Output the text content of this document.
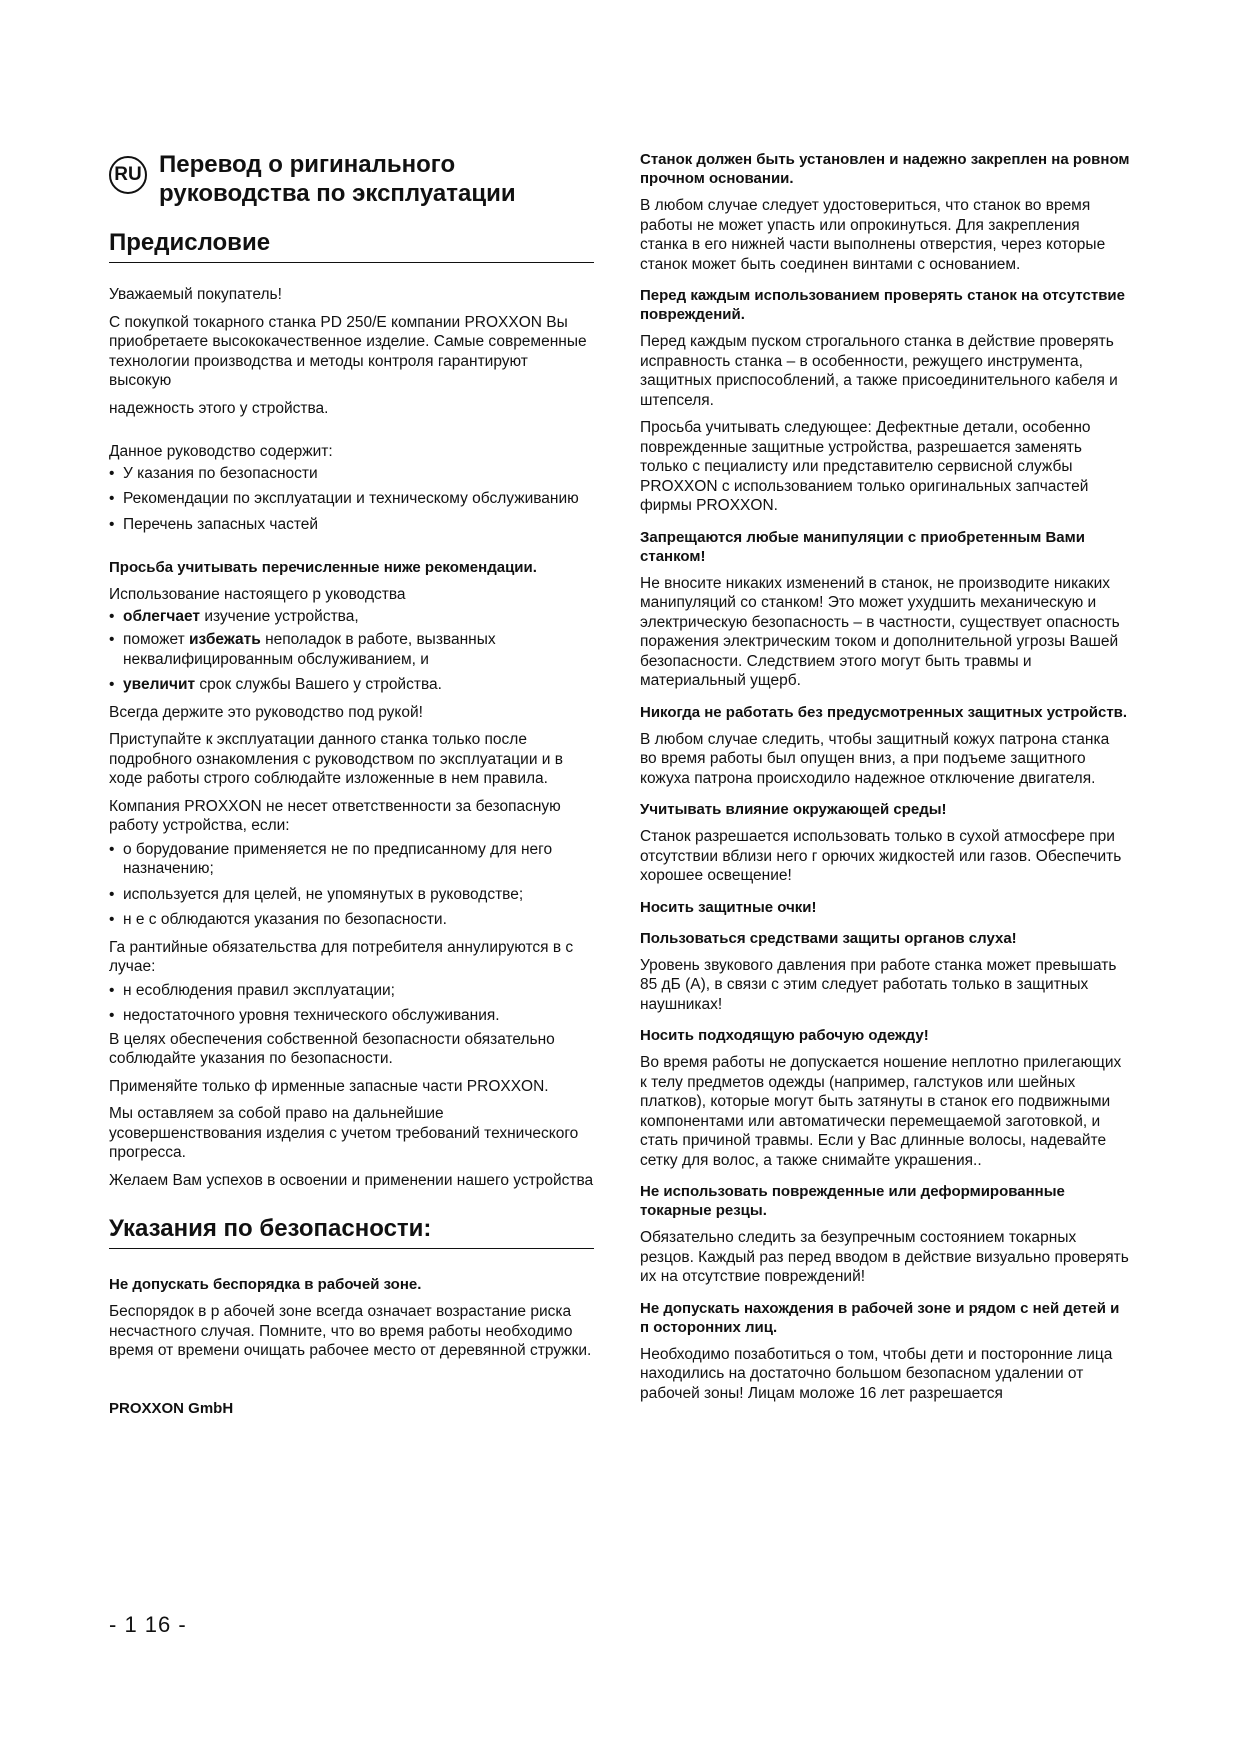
RU Перевод о ригинального
руководства по эксплуатации
Предисловие

Уважаемый покупатель!

С покупкой токарного станка PD 250/E компании PROXXON Вы приобретаете высококачественное изделие. Самые современные технологии производства и методы контроля гарантируют высокую

надежность этого у стройства.

Данное руководство содержит:

• У казания по безопасности
• Рекомендации по эксплуатации и техническому обслуживанию
• Перечень запасных частей

Просьба учитывать перечисленные ниже рекомендации.

Использование настоящего р уководства

• облегчает изучение устройства,
• поможет избежать неполадок в работе, вызванных неквалифицированным обслуживанием, и
• увеличит срок службы Вашего у стройства.

Всегда держите это руководство под рукой!

Приступайте к эксплуатации данного станка только после подробного ознакомления с руководством по эксплуатации и в ходе работы строго соблюдайте изложенные в нем правила.

Компания PROXXON не несет ответственности за безопасную работу устройства, если:

• о борудование применяется не по предписанному для него назначению;
• используется для целей, не упомянутых в руководстве;
• н е с облюдаются указания по безопасности.

Га рантийные обязательства для потребителя аннулируются в с лучае:

• н есоблюдения правил эксплуатации;
• недостаточного уровня технического обслуживания.

В целях обеспечения собственной безопасности обязательно соблюдайте указания по безопасности.

Применяйте только ф ирменные запасные части PROXXON.

Мы оставляем за собой право на дальнейшие усовершенствования изделия с учетом требований технического прогресса.

Желаем Вам успехов в освоении и применении нашего устройства

Указания по безопасности:

Не допускать беспорядка в рабочей зоне.

Беспорядок в р абочей зоне всегда означает возрастание риска несчастного случая. Помните, что во время работы необходимо время от времени очищать рабочее место от деревянной стружки.

PROXXON GmbH

Станок должен быть установлен и надежно закреплен на ровном прочном основании.

В любом случае следует удостовериться, что станок во время работы не может упасть или опрокинуться. Для закрепления станка в его нижней части выполнены отверстия, через которые станок может быть соединен винтами с основанием.

Перед каждым использованием проверять станок на отсутствие повреждений.

Перед каждым пуском строгального станка в действие проверять исправность станка – в особенности, режущего инструмента, защитных приспособлений, а также присоединительного кабеля и штепселя.

Просьба учитывать следующее: Дефектные детали, особенно поврежденные защитные устройства, разрешается заменять только с пециалисту или представителю сервисной службы PROXXON с использованием только оригинальных запчастей фирмы PROXXON.

Запрещаются любые манипуляции с приобретенным Вами станком!

Не вносите никаких изменений в станок, не производите никаких манипуляций со станком! Это может ухудшить механическую и электрическую безопасность – в частности, существует опасность поражения электрическим током и дополнительной угрозы Вашей безопасности. Следствием этого могут быть травмы и материальный ущерб.

Никогда не работать без предусмотренных защитных устройств.

В любом случае следить, чтобы защитный кожух патрона станка во время работы был опущен вниз, а при подъеме защитного кожуха патрона происходило надежное отключение двигателя.

Учитывать влияние окружающей среды!

Станок разрешается использовать только в сухой атмосфере при отсутствии вблизи него г орючих жидкостей или газов. Обеспечить хорошее освещение!

Носить защитные очки!

Пользоваться средствами защиты органов слуха!

Уровень звукового давления при работе станка может превышать 85 дБ (А), в связи с этим следует работать только в защитных наушниках!

Носить подходящую рабочую одежду!

Во время работы не допускается ношение неплотно прилегающих к телу предметов одежды (например, галстуков или шейных платков), которые могут быть затянуты в станок его подвижными компонентами или автоматически перемещаемой заготовкой, и стать причиной травмы. Если у Вас длинные волосы, надевайте сетку для волос, а также снимайте украшения..

Не использовать поврежденные или деформированные токарные резцы.

Обязательно следить за безупречным состоянием токарных резцов. Каждый раз перед вводом в действие визуально проверять их на отсутствие повреждений!

Не допускать нахождения в рабочей зоне и рядом с ней детей и п осторонних лиц.

Необходимо позаботиться о том, чтобы дети и посторонние лица находились на достаточно большом безопасном удалении от рабочей зоны! Лицам моложе 16 лет разрешается

- 1 16 -
